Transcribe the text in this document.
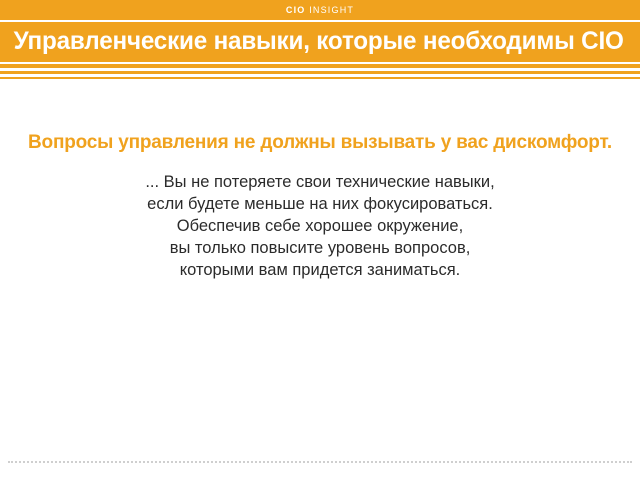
CIO INSIGHT
Управленческие навыки, которые необходимы CIO
Вопросы управления не должны вызывать у вас дискомфорт.
... Вы не потеряете свои технические навыки,
если будете меньше на них фокусироваться.
Обеспечив себе хорошее окружение,
вы только повысите уровень вопросов,
которыми вам придется заниматься.
